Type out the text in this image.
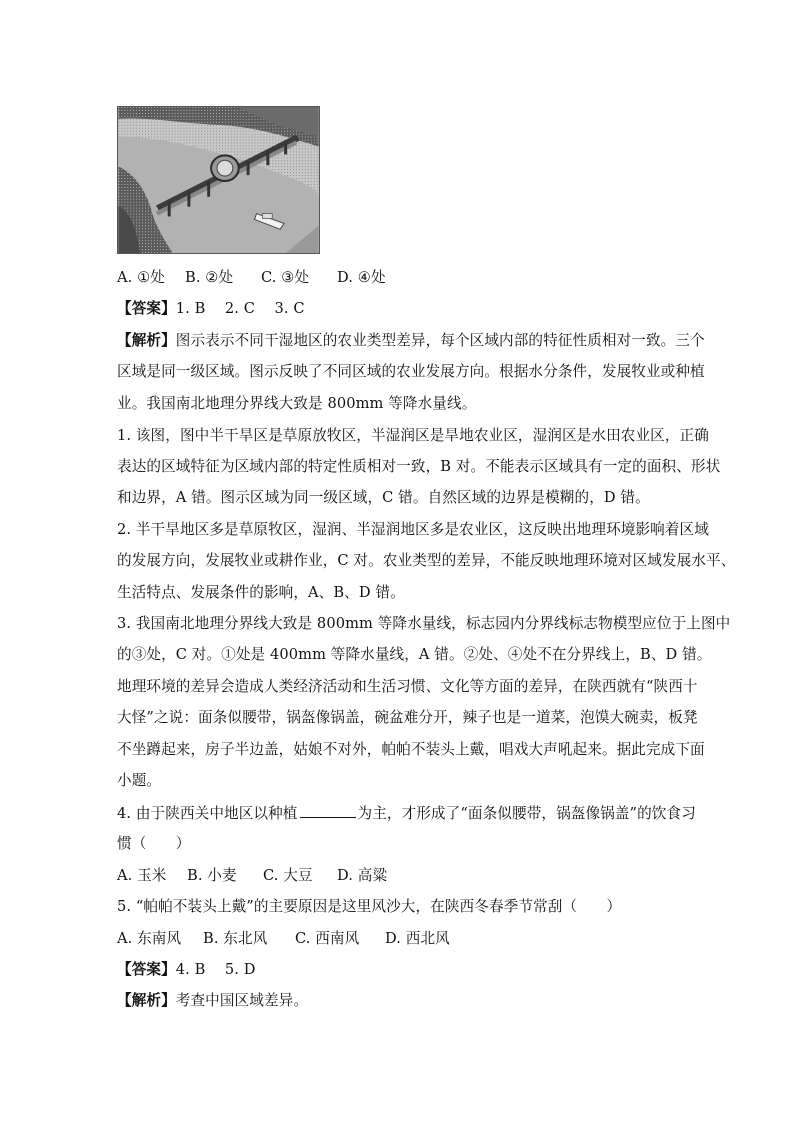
A. ①处 B. ②处 C. ③处 D. ④处
【答案】1. B　 2. C　 3. C
【解析】图示表示不同干湿地区的农业类型差异，每个区域内部的特征性质相对一致。三个
区域是同一级区域。图示反映了不同区域的农业发展方向。根据水分条件，发展牧业或种植
业。我国南北地理分界线大致是 800mm 等降水量线。
1. 该图，图中半干旱区是草原放牧区，半湿润区是旱地农业区，湿润区是水田农业区，正确
表达的区域特征为区域内部的特定性质相对一致，B 对。不能表示区域具有一定的面积、形状
和边界，A 错。图示区域为同一级区域，C 错。自然区域的边界是模糊的，D 错。
2. 半干旱地区多是草原牧区，湿润、半湿润地区多是农业区，这反映出地理环境影响着区域
的发展方向，发展牧业或耕作业，C 对。农业类型的差异，不能反映地理环境对区域发展水平、
生活特点、发展条件的影响，A、B、D 错。
3. 我国南北地理分界线大致是 800mm 等降水量线，标志园内分界线标志物模型应位于上图中
的③处，C 对。①处是 400mm 等降水量线，A 错。②处、④处不在分界线上，B、D 错。
地理环境的差异会造成人类经济活动和生活习惯、文化等方面的差异，在陕西就有“陕西十
大怪”之说：面条似腰带，锅盔像锅盖，碗盆难分开，辣子也是一道菜，泡馍大碗卖，板凳
不坐蹲起来，房子半边盖，姑娘不对外，帕帕不装头上戴，唱戏大声吼起来。据此完成下面
小题。
4. 由于陕西关中地区以种植	为主，才形成了“面条似腰带，锅盔像锅盖”的饮食习
惯（　　）
A. 玉米 B. 小麦 C. 大豆 D. 高粱
5. “帕帕不装头上戴”的主要原因是这里风沙大，在陕西冬春季节常刮（　　）
A. 东南风 B. 东北风 C. 西南风 D. 西北风
【答案】4. B　 5. D
【解析】考查中国区域差异。
